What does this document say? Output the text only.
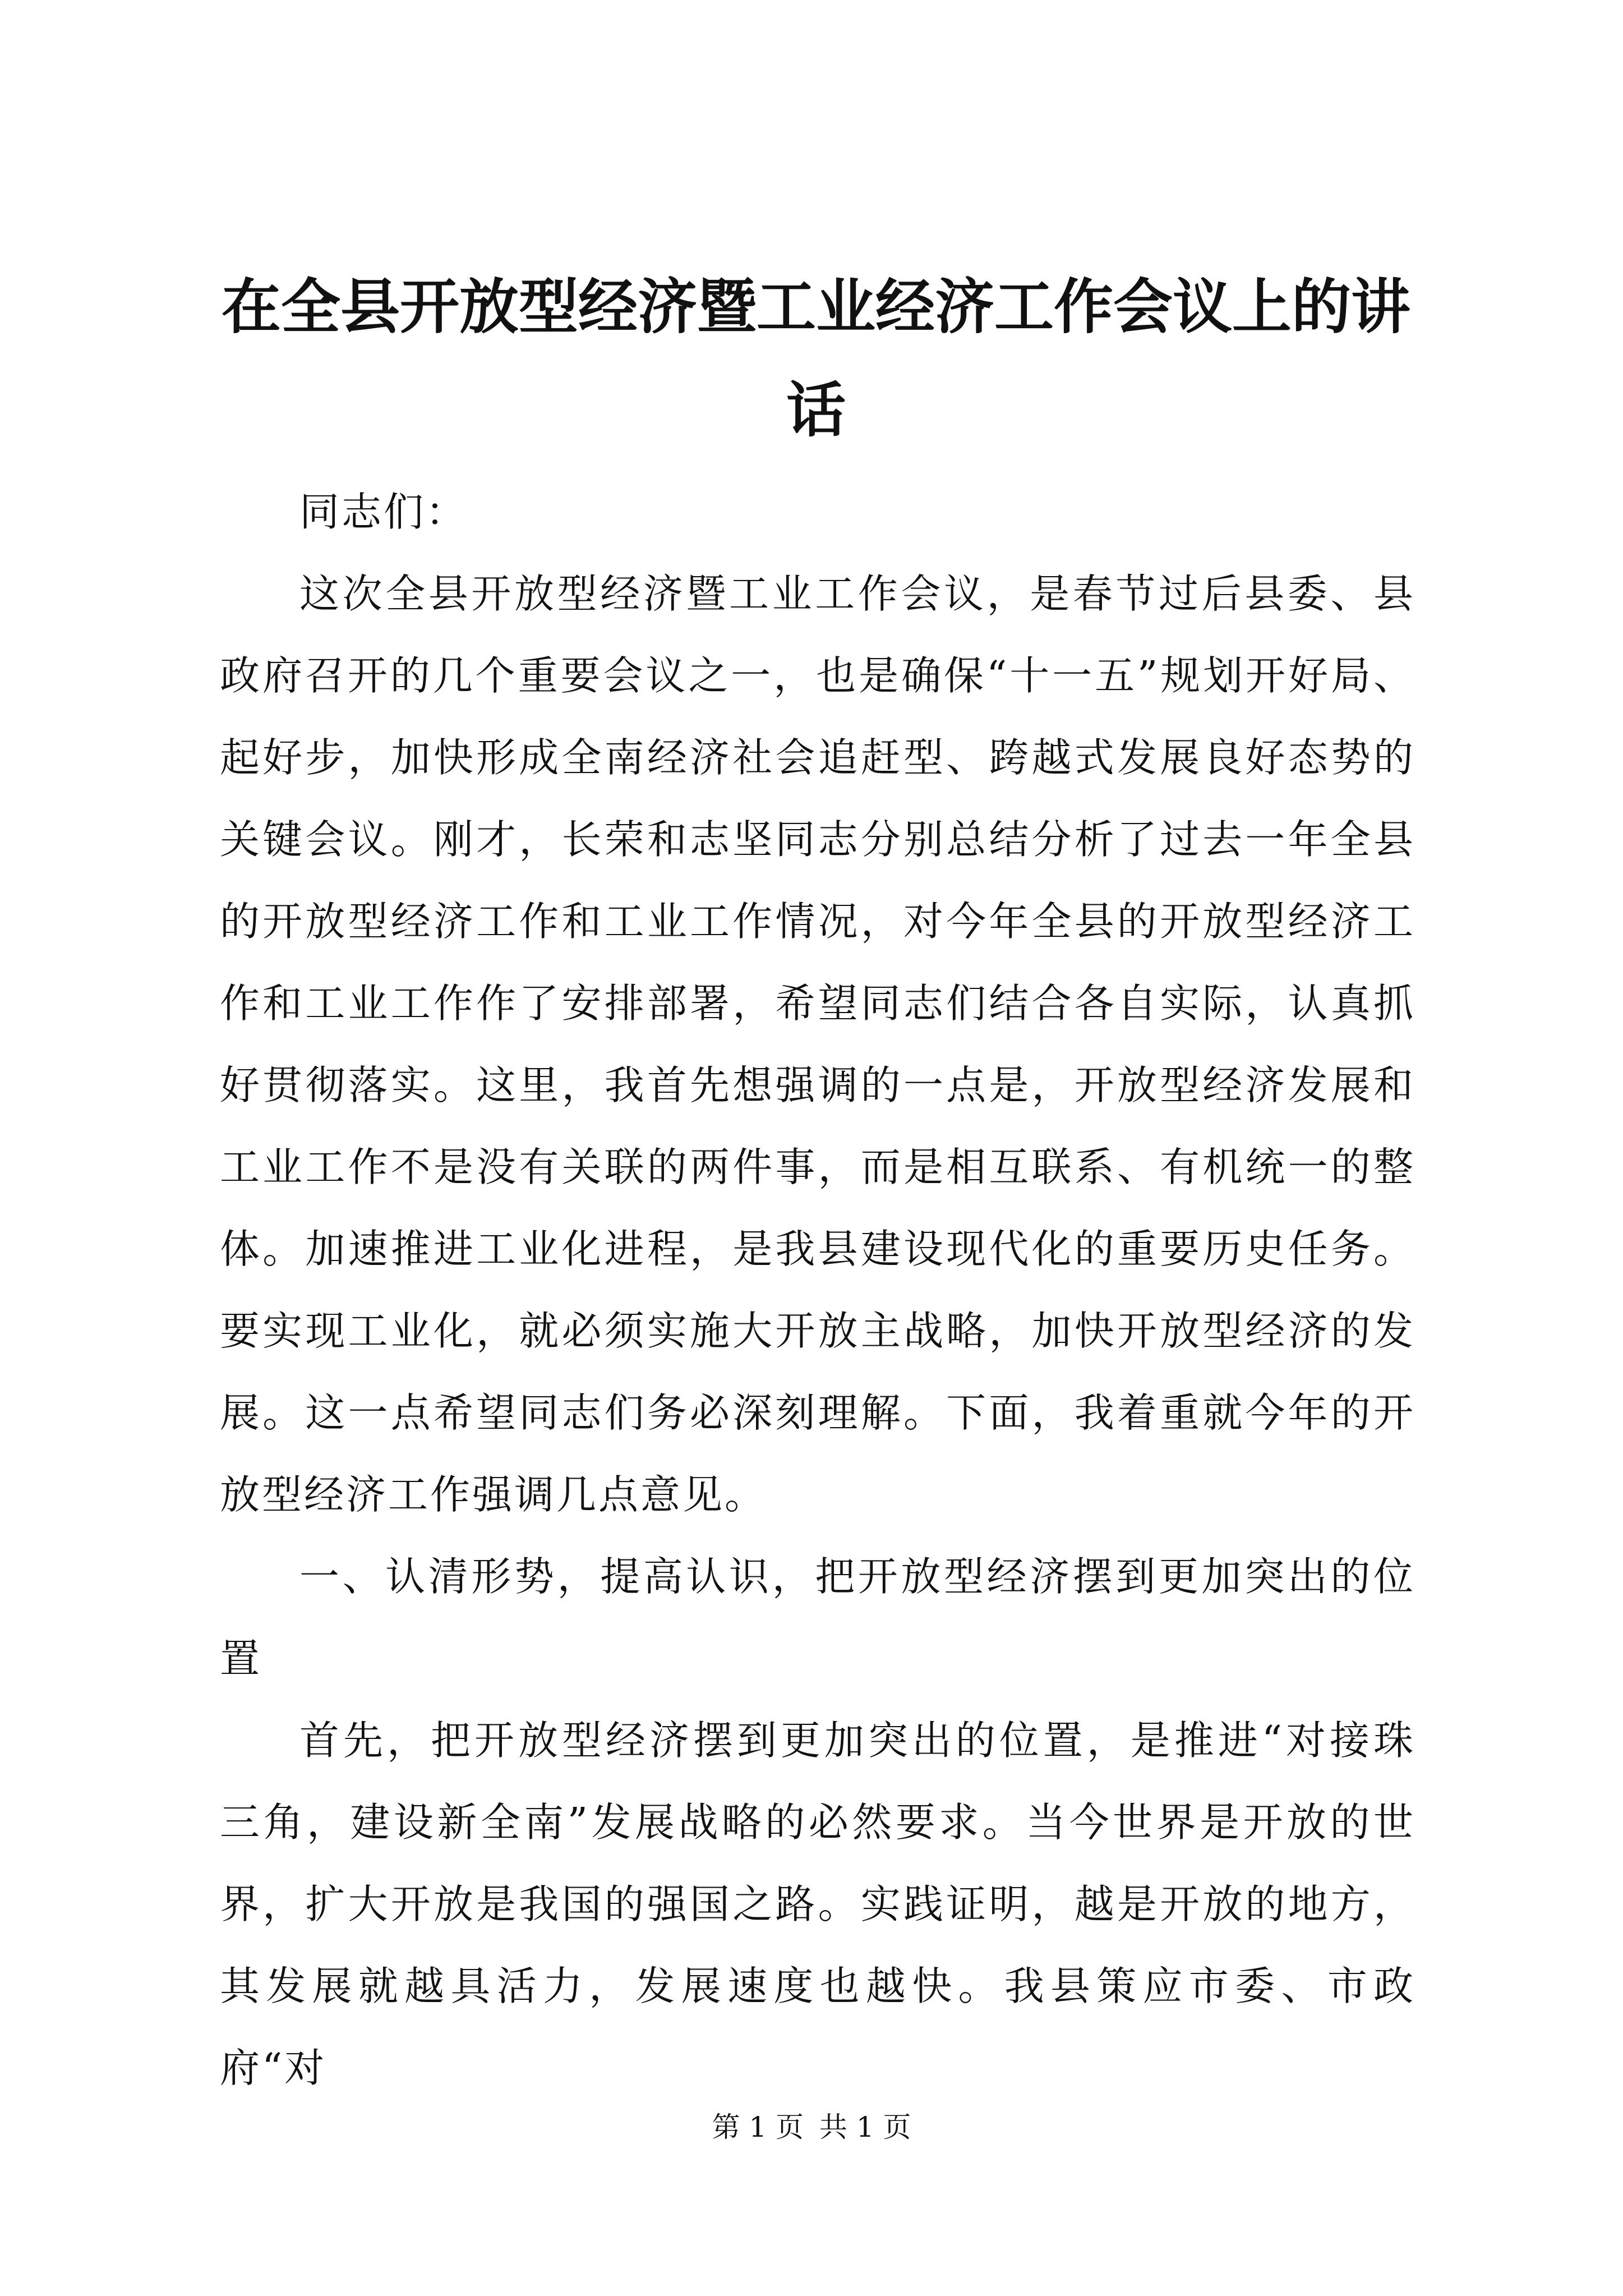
在全县开放型经济暨工业经济工作会议上的讲话

同志们：

这次全县开放型经济暨工业工作会议，是春节过后县委、县政府召开的几个重要会议之一，也是确保“十一五”规划开好局、起好步，加快形成全南经济社会追赶型、跨越式发展良好态势的关键会议。刚才，长荣和志坚同志分别总结分析了过去一年全县的开放型经济工作和工业工作情况，对今年全县的开放型经济工作和工业工作作了安排部署，希望同志们结合各自实际，认真抓好贯彻落实。这里，我首先想强调的一点是，开放型经济发展和工业工作不是没有关联的两件事，而是相互联系、有机统一的整体。加速推进工业化进程，是我县建设现代化的重要历史任务。要实现工业化，就必须实施大开放主战略，加快开放型经济的发展。这一点希望同志们务必深刻理解。下面，我着重就今年的开放型经济工作强调几点意见。

一、认清形势，提高认识，把开放型经济摆到更加突出的位置

首先，把开放型经济摆到更加突出的位置，是推进“对接珠三角，建设新全南”发展战略的必然要求。当今世界是开放的世界，扩大开放是我国的强国之路。实践证明，越是开放的地方，其发展就越具活力，发展速度也越快。我县策应市委、市政府“对

第 1 页 共 1 页
